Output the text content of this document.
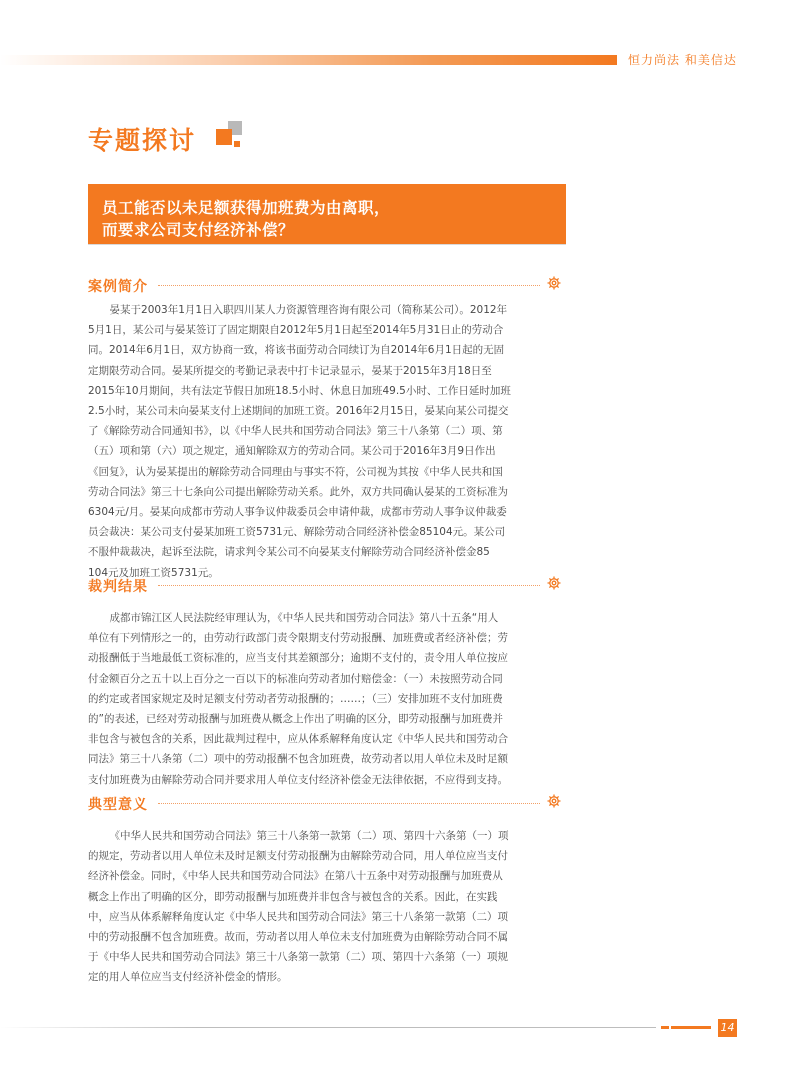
恒力尚法 和美信达
专题探讨
员工能否以未足额获得加班费为由离职，
而要求公司支付经济补偿？
案例简介

晏某于2003年1月1日入职四川某人力资源管理咨询有限公司（简称某公司）。2012年
5月1日，某公司与晏某签订了固定期限自2012年5月1日起至2014年5月31日止的劳动合
同。2014年6月1日，双方协商一致，将该书面劳动合同续订为自2014年6月1日起的无固
定期限劳动合同。晏某所提交的考勤记录表中打卡记录显示，晏某于2015年3月18日至
2015年10月期间，共有法定节假日加班18.5小时、休息日加班49.5小时、工作日延时加班
2.5小时，某公司未向晏某支付上述期间的加班工资。2016年2月15日，晏某向某公司提交
了《解除劳动合同通知书》，以《中华人民共和国劳动合同法》第三十八条第（二）项、第
（五）项和第（六）项之规定，通知解除双方的劳动合同。某公司于2016年3月9日作出
《回复》，认为晏某提出的解除劳动合同理由与事实不符，公司视为其按《中华人民共和国
劳动合同法》第三十七条向公司提出解除劳动关系。此外，双方共同确认晏某的工资标准为
6304元/月。晏某向成都市劳动人事争议仲裁委员会申请仲裁，成都市劳动人事争议仲裁委
员会裁决：某公司支付晏某加班工资5731元、解除劳动合同经济补偿金85104元。某公司
不服仲裁裁决，起诉至法院，请求判令某公司不向晏某支付解除劳动合同经济补偿金85
104元及加班工资5731元。

裁判结果

成都市锦江区人民法院经审理认为，《中华人民共和国劳动合同法》第八十五条“用人
单位有下列情形之一的，由劳动行政部门责令限期支付劳动报酬、加班费或者经济补偿；劳
动报酬低于当地最低工资标准的，应当支付其差额部分；逾期不支付的，责令用人单位按应
付金额百分之五十以上百分之一百以下的标准向劳动者加付赔偿金：（一）未按照劳动合同
的约定或者国家规定及时足额支付劳动者劳动报酬的；……；（三）安排加班不支付加班费
的”的表述，已经对劳动报酬与加班费从概念上作出了明确的区分，即劳动报酬与加班费并
非包含与被包含的关系，因此裁判过程中，应从体系解释角度认定《中华人民共和国劳动合
同法》第三十八条第（二）项中的劳动报酬不包含加班费，故劳动者以用人单位未及时足额
支付加班费为由解除劳动合同并要求用人单位支付经济补偿金无法律依据，不应得到支持。

典型意义

《中华人民共和国劳动合同法》第三十八条第一款第（二）项、第四十六条第（一）项
的规定，劳动者以用人单位未及时足额支付劳动报酬为由解除劳动合同，用人单位应当支付
经济补偿金。同时，《中华人民共和国劳动合同法》在第八十五条中对劳动报酬与加班费从
概念上作出了明确的区分，即劳动报酬与加班费并非包含与被包含的关系。因此，在实践
中，应当从体系解释角度认定《中华人民共和国劳动合同法》第三十八条第一款第（二）项
中的劳动报酬不包含加班费。故而，劳动者以用人单位未支付加班费为由解除劳动合同不属
于《中华人民共和国劳动合同法》第三十八条第一款第（二）项、第四十六条第（一）项规
定的用人单位应当支付经济补偿金的情形。

14
